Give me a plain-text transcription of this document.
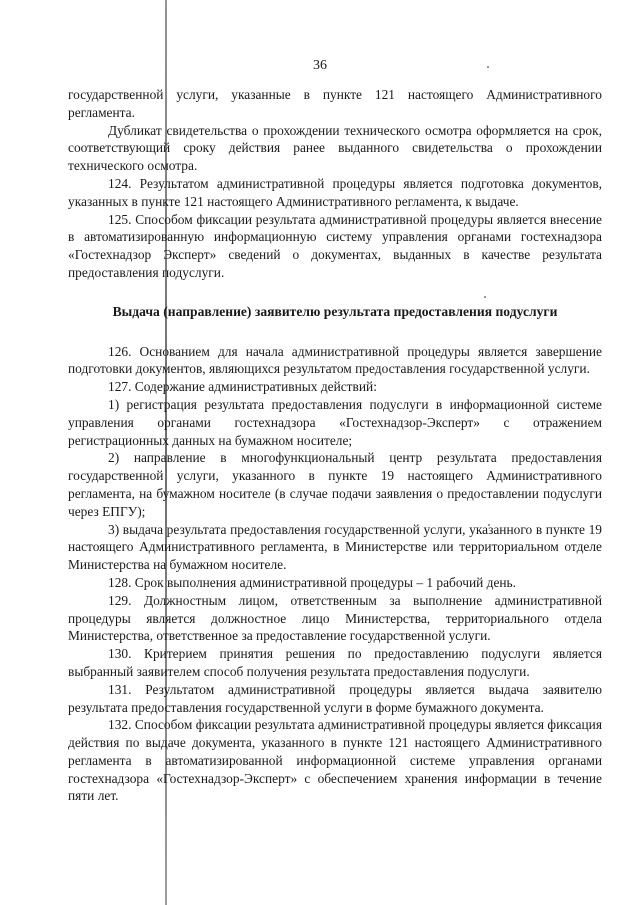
36

государственной услуги, указанные в пункте 121 настоящего Административного регламента.

Дубликат свидетельства о прохождении технического осмотра оформляется на срок, соответствующий сроку действия ранее выданного свидетельства о прохождении технического осмотра.

124. Результатом административной процедуры является подготовка документов, указанных в пункте 121 настоящего Административного регламента, к выдаче.

125. Способом фиксации результата административной процедуры является внесение в автоматизированную информационную систему управления органами гостехнадзора «Гостехнадзор Эксперт» сведений о документах, выданных в качестве результата предоставления подуслуги.

Выдача (направление) заявителю результата предоставления подуслуги

126. Основанием для начала административной процедуры является завершение подготовки документов, являющихся результатом предоставления государственной услуги.

127. Содержание административных действий:

1) регистрация результата предоставления подуслуги в информационной системе управления органами гостехнадзора «Гостехнадзор-Эксперт» с отражением регистрационных данных на бумажном носителе;

2) направление в многофункциональный центр результата предоставления государственной услуги, указанного в пункте 19 настоящего Административного регламента, на бумажном носителе (в случае подачи заявления о предоставлении подуслуги через ЕПГУ);

3) выдача результата предоставления государственной услуги, указанного в пункте 19 настоящего Административного регламента, в Министерстве или территориальном отделе Министерства на бумажном носителе.

128. Срок выполнения административной процедуры – 1 рабочий день.

129. Должностным лицом, ответственным за выполнение административной процедуры является должностное лицо Министерства, территориального отдела Министерства, ответственное за предоставление государственной услуги.

130. Критерием принятия решения по предоставлению подуслуги является выбранный заявителем способ получения результата предоставления подуслуги.

131. Результатом административной процедуры является выдача заявителю результата предоставления государственной услуги в форме бумажного документа.

132. Способом фиксации результата административной процедуры является фиксация действия по выдаче документа, указанного в пункте 121 настоящего Административного регламента в автоматизированной информационной системе управления органами гостехнадзора «Гостехнадзор-Эксперт» с обеспечением хранения информации в течение пяти лет.
